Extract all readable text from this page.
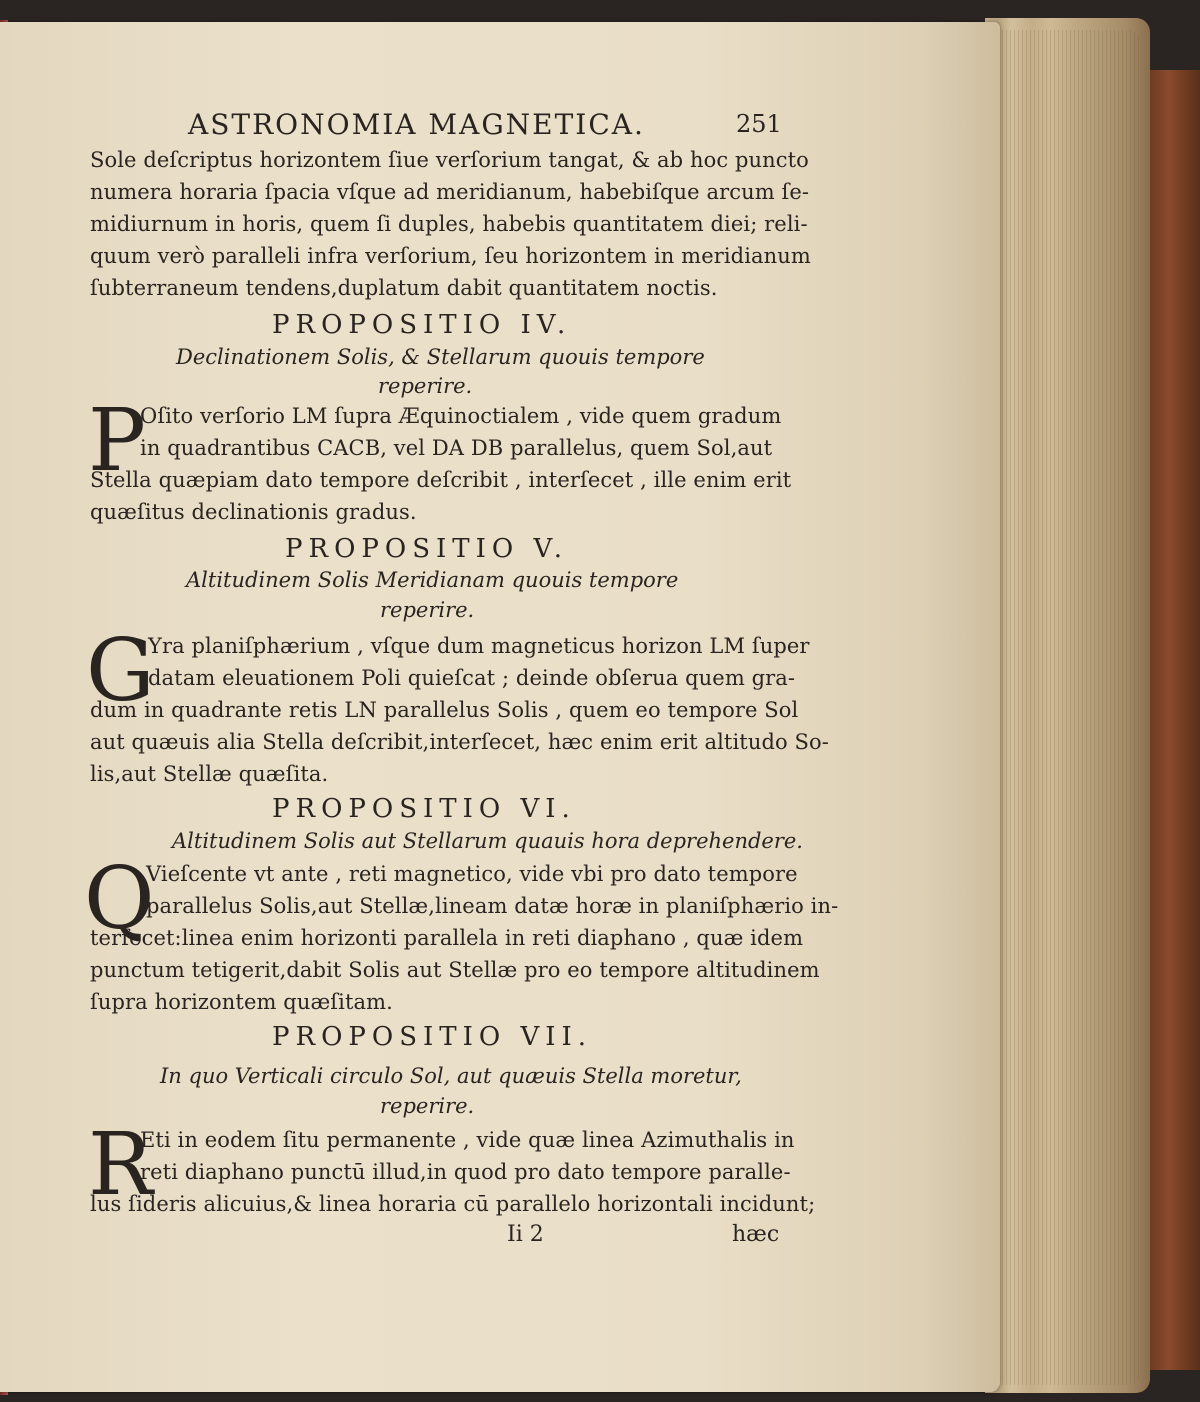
ASTRONOMIA MAGNETICA.	251
Sole deſcriptus horizontem ſiue verſorium tangat, & ab hoc puncto
numera horaria ſpacia vſque ad meridianum, habebiſque arcum ſe-
midiurnum in horis, quem ſi duples, habebis quantitatem diei; reli-
quum verò paralleli infra verſorium, ſeu horizontem in meridianum
ſubterraneum tendens,duplatum dabit quantitatem noctis.
PROPOSITIO IV.
Declinationem Solis, & Stellarum quouis tempore
reperire.
P
Oſito verſorio LM ſupra Æquinoctialem , vide quem gradum
in quadrantibus CACB, vel DA DB parallelus, quem Sol,aut
Stella quæpiam dato tempore deſcribit , interſecet , ille enim erit
quæſitus declinationis gradus.
PROPOSITIO V.
Altitudinem Solis Meridianam quouis tempore
reperire.
G
Yra planiſphærium , vſque dum magneticus horizon LM ſuper
datam eleuationem Poli quieſcat ; deinde obſerua quem gra-
dum in quadrante retis LN parallelus Solis , quem eo tempore Sol
aut quæuis alia Stella deſcribit,interſecet, hæc enim erit altitudo So-
lis,aut Stellæ quæſita.
PROPOSITIO VI.
Altitudinem Solis aut Stellarum quauis hora deprehendere.
Q
Vieſcente vt ante , reti magnetico, vide vbi pro dato tempore
parallelus Solis,aut Stellæ,lineam datæ horæ in planiſphærio in-
terſecet:linea enim horizonti parallela in reti diaphano , quæ idem
punctum tetigerit,dabit Solis aut Stellæ pro eo tempore altitudinem
ſupra horizontem quæſitam.
PROPOSITIO VII.
In quo Verticali circulo Sol, aut quæuis Stella moretur,
reperire.
R
Eti in eodem ſitu permanente , vide quæ linea Azimuthalis in
reti diaphano punctū illud,in quod pro dato tempore paralle-
lus ſideris alicuius,& linea horaria cū parallelo horizontali incidunt;
Ii 2	hæc
